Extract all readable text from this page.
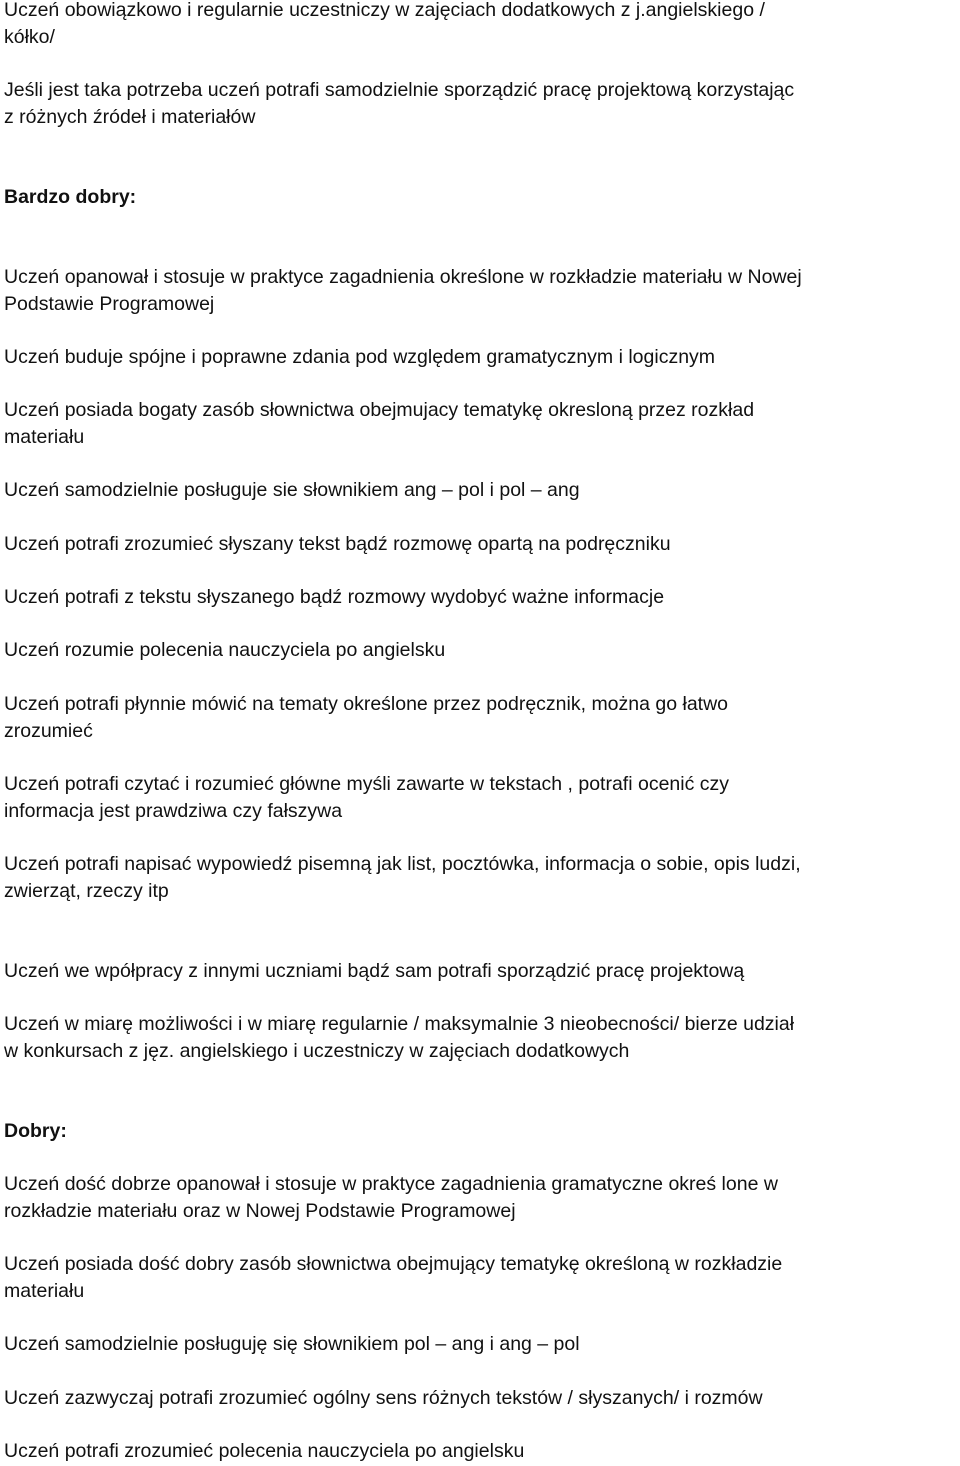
Uczeń obowiązkowo i regularnie uczestniczy w zajęciach dodatkowych z j.angielskiego /
kółko/
Jeśli jest taka potrzeba uczeń potrafi samodzielnie sporządzić pracę projektową korzystając
z różnych źródeł i materiałów
Bardzo dobry:
Uczeń opanował i stosuje w praktyce zagadnienia określone w rozkładzie materiału w Nowej
Podstawie Programowej
Uczeń buduje spójne i poprawne zdania pod względem gramatycznym i logicznym
Uczeń posiada bogaty zasób słownictwa obejmujacy tematykę okresloną przez rozkład
materiału
Uczeń samodzielnie posługuje sie słownikiem ang – pol i pol – ang
Uczeń potrafi zrozumieć słyszany tekst bądź rozmowę opartą na podręczniku
Uczeń potrafi z tekstu słyszanego bądź rozmowy wydobyć ważne informacje
Uczeń rozumie polecenia nauczyciela po angielsku
Uczeń potrafi płynnie mówić na tematy określone przez podręcznik, można go łatwo
zrozumieć
Uczeń potrafi czytać i rozumieć główne myśli zawarte w tekstach , potrafi ocenić czy
informacja jest prawdziwa czy fałszywa
Uczeń potrafi napisać wypowiedź pisemną jak list, pocztówka, informacja o sobie, opis ludzi,
zwierząt, rzeczy itp
Uczeń we wpółpracy z innymi uczniami bądź sam potrafi sporządzić pracę projektową
Uczeń w miarę możliwości i w miarę regularnie / maksymalnie 3 nieobecności/ bierze udział
w konkursach z jęz. angielskiego i uczestniczy w zajęciach dodatkowych
Dobry:
Uczeń dość dobrze opanował i stosuje w praktyce zagadnienia gramatyczne okreś lone w
rozkładzie materiału oraz w Nowej Podstawie Programowej
Uczeń posiada dość dobry zasób słownictwa obejmujący tematykę określoną w rozkładzie
materiału
Uczeń samodzielnie posługuję się słownikiem pol – ang i ang – pol
Uczeń zazwyczaj potrafi zrozumieć ogólny sens różnych tekstów / słyszanych/ i rozmów
Uczeń potrafi zrozumieć polecenia nauczyciela po angielsku
